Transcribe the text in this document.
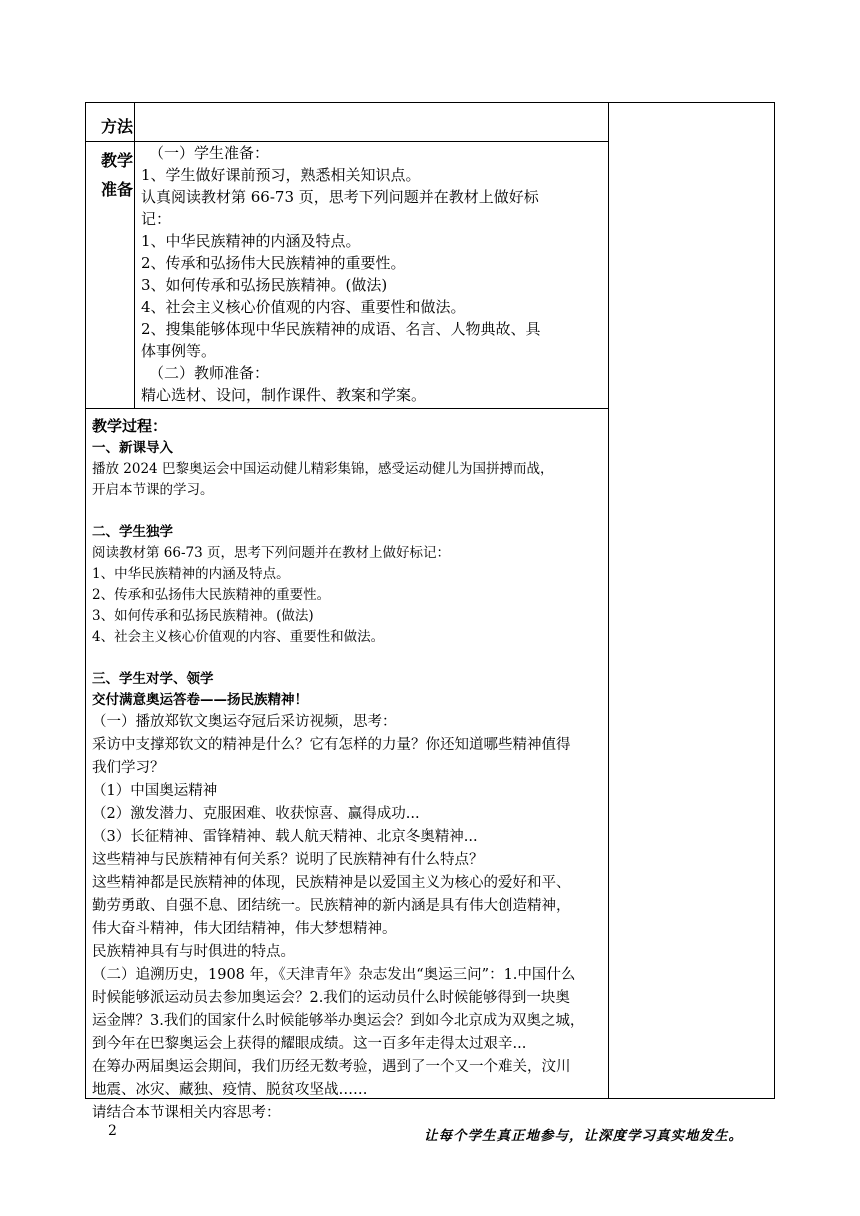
方法
教学
准备
（一）学生准备：
1、学生做好课前预习，熟悉相关知识点。
认真阅读教材第 66-73 页，思考下列问题并在教材上做好标
记：
1、中华民族精神的内涵及特点。
2、传承和弘扬伟大民族精神的重要性。
3、如何传承和弘扬民族精神。(做法)
4、社会主义核心价值观的内容、重要性和做法。
2、搜集能够体现中华民族精神的成语、名言、人物典故、具
体事例等。
（二）教师准备：
精心选材、设问，制作课件、教案和学案。
教学过程：
一、新课导入
播放 2024 巴黎奥运会中国运动健儿精彩集锦，感受运动健儿为国拼搏而战，
开启本节课的学习。
二、学生独学
阅读教材第 66-73 页，思考下列问题并在教材上做好标记：
1、中华民族精神的内涵及特点。
2、传承和弘扬伟大民族精神的重要性。
3、如何传承和弘扬民族精神。(做法)
4、社会主义核心价值观的内容、重要性和做法。
三、学生对学、领学
交付满意奥运答卷——扬民族精神！
（一）播放郑钦文奥运夺冠后采访视频，思考：
采访中支撑郑钦文的精神是什么？它有怎样的力量？你还知道哪些精神值得
我们学习？
（1）中国奥运精神
（2）激发潜力、克服困难、收获惊喜、赢得成功...
（3）长征精神、雷锋精神、载人航天精神、北京冬奥精神...
这些精神与民族精神有何关系？说明了民族精神有什么特点？
这些精神都是民族精神的体现，民族精神是以爱国主义为核心的爱好和平、
勤劳勇敢、自强不息、团结统一。民族精神的新内涵是具有伟大创造精神，
伟大奋斗精神，伟大团结精神，伟大梦想精神。
民族精神具有与时俱进的特点。
（二）追溯历史，1908 年，《天津青年》杂志发出“奥运三问”：1.中国什么
时候能够派运动员去参加奥运会？2.我们的运动员什么时候能够得到一块奥
运金牌？3.我们的国家什么时候能够举办奥运会？到如今北京成为双奥之城，
到今年在巴黎奥运会上获得的耀眼成绩。这一百多年走得太过艰辛...
在筹办两届奥运会期间，我们历经无数考验，遇到了一个又一个难关，汶川
地震、冰灾、藏独、疫情、脱贫攻坚战……
请结合本节课相关内容思考：
2	让每个学生真正地参与，让深度学习真实地发生。
